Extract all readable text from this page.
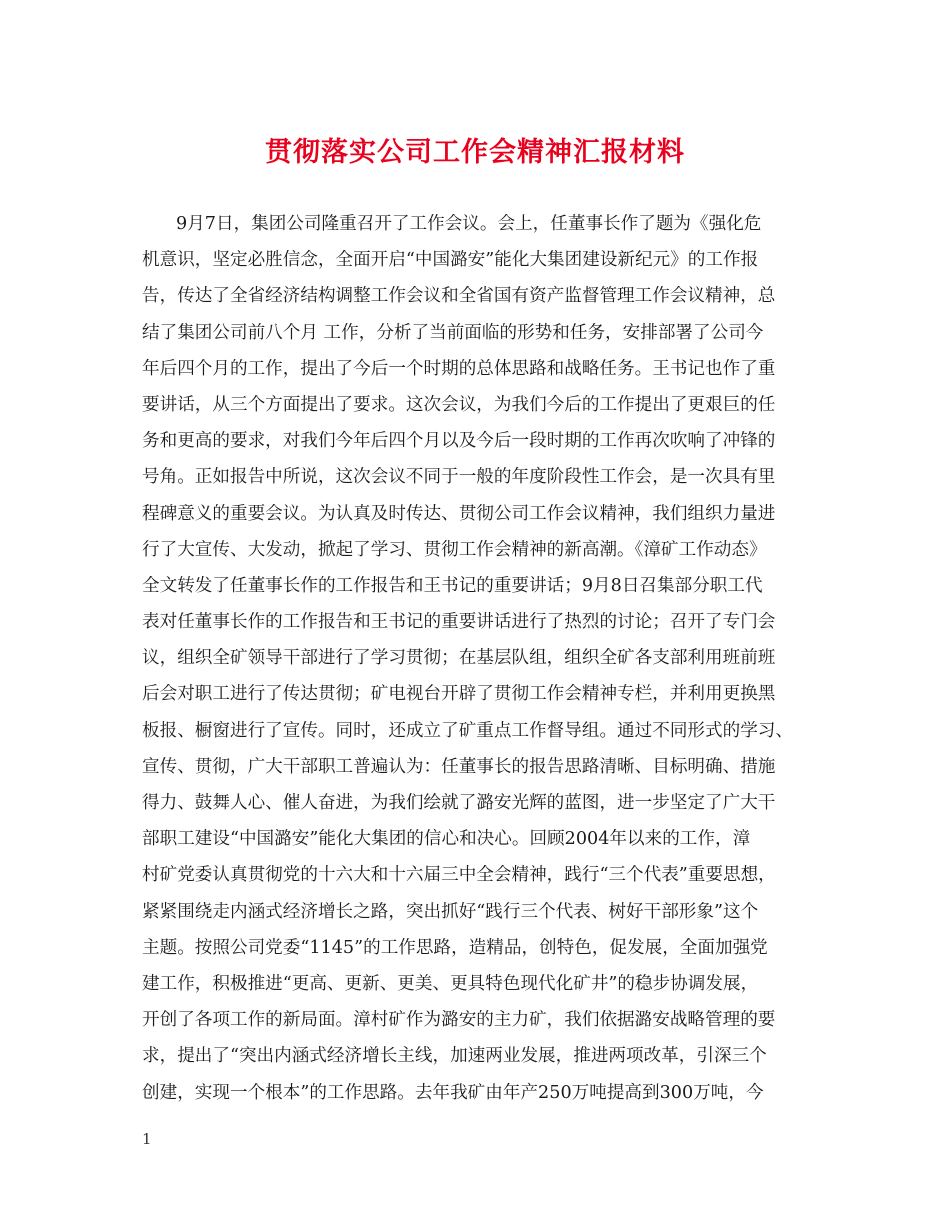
贯彻落实公司工作会精神汇报材料
9月7日，集团公司隆重召开了工作会议。会上，任董事长作了题为《强化危
机意识，坚定必胜信念，全面开启“中国潞安”能化大集团建设新纪元》的工作报
告，传达了全省经济结构调整工作会议和全省国有资产监督管理工作会议精神，总
结了集团公司前八个月 工作，分析了当前面临的形势和任务，安排部署了公司今
年后四个月的工作，提出了今后一个时期的总体思路和战略任务。王书记也作了重
要讲话，从三个方面提出了要求。这次会议，为我们今后的工作提出了更艰巨的任
务和更高的要求，对我们今年后四个月以及今后一段时期的工作再次吹响了冲锋的
号角。正如报告中所说，这次会议不同于一般的年度阶段性工作会，是一次具有里
程碑意义的重要会议。为认真及时传达、贯彻公司工作会议精神，我们组织力量进
行了大宣传、大发动，掀起了学习、贯彻工作会精神的新高潮。《漳矿工作动态》
全文转发了任董事长作的工作报告和王书记的重要讲话；9月8日召集部分职工代
表对任董事长作的工作报告和王书记的重要讲话进行了热烈的讨论；召开了专门会
议，组织全矿领导干部进行了学习贯彻；在基层队组，组织全矿各支部利用班前班
后会对职工进行了传达贯彻；矿电视台开辟了贯彻工作会精神专栏，并利用更换黑
板报、橱窗进行了宣传。同时，还成立了矿重点工作督导组。通过不同形式的学习、
宣传、贯彻，广大干部职工普遍认为：任董事长的报告思路清晰、目标明确、措施
得力、鼓舞人心、催人奋进，为我们绘就了潞安光辉的蓝图，进一步坚定了广大干
部职工建设“中国潞安”能化大集团的信心和决心。回顾2004年以来的工作，漳
村矿党委认真贯彻党的十六大和十六届三中全会精神，践行“三个代表”重要思想，
紧紧围绕走内涵式经济增长之路，突出抓好“践行三个代表、树好干部形象”这个
主题。按照公司党委“1145”的工作思路，造精品，创特色，促发展，全面加强党
建工作，积极推进“更高、更新、更美、更具特色现代化矿井”的稳步协调发展，
开创了各项工作的新局面。漳村矿作为潞安的主力矿，我们依据潞安战略管理的要
求，提出了“突出内涵式经济增长主线，加速两业发展，推进两项改革，引深三个
创建，实现一个根本”的工作思路。去年我矿由年产250万吨提高到300万吨，今
1
